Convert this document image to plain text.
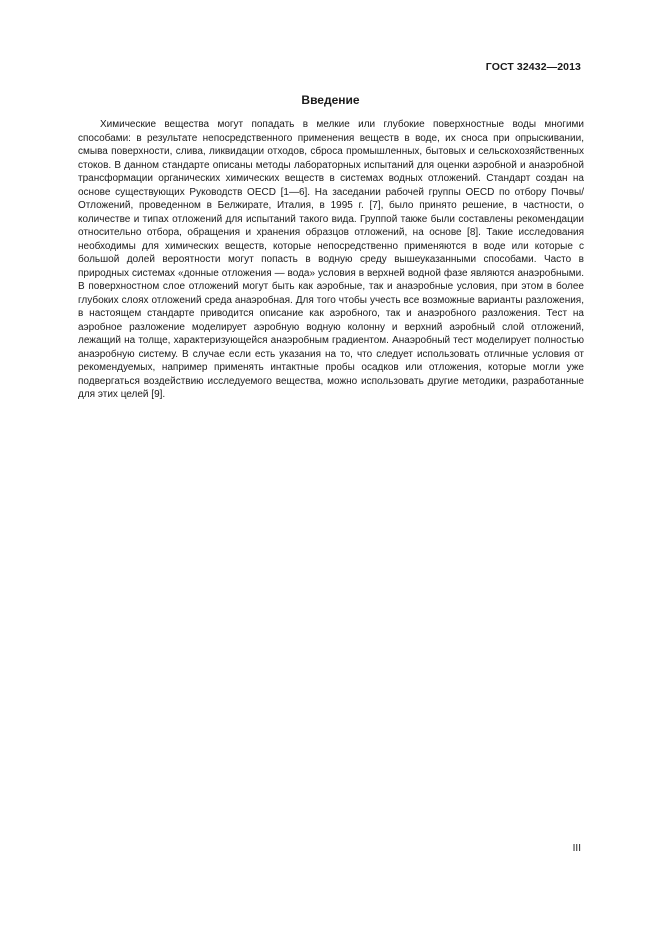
ГОСТ 32432—2013
Введение

Химические вещества могут попадать в мелкие или глубокие поверхностные воды многими способами: в результате непосредственного применения веществ в воде, их сноса при опрыскивании, смыва поверхности, слива, ликвидации отходов, сброса промышленных, бытовых и сельскохозяйственных стоков. В данном стандарте описаны методы лабораторных испытаний для оценки аэробной и анаэробной трансформации органических химических веществ в системах водных отложений. Стандарт создан на основе существующих Руководств OECD [1—6]. На заседании рабочей группы OECD по отбору Почвы/Отложений, проведенном в Белжирате, Италия, в 1995 г. [7], было принято решение, в частности, о количестве и типах отложений для испытаний такого вида. Группой также были составлены рекомендации относительно отбора, обращения и хранения образцов отложений, на основе [8]. Такие исследования необходимы для химических веществ, которые непосредственно применяются в воде или которые с большой долей вероятности могут попасть в водную среду вышеуказанными способами. Часто в природных системах «донные отложения — вода» условия в верхней водной фазе являются анаэробными. В поверхностном слое отложений могут быть как аэробные, так и анаэробные условия, при этом в более глубоких слоях отложений среда анаэробная. Для того чтобы учесть все возможные варианты разложения, в настоящем стандарте приводится описание как аэробного, так и анаэробного разложения. Тест на аэробное разложение моделирует аэробную водную колонну и верхний аэробный слой отложений, лежащий на толще, характеризующейся анаэробным градиентом. Анаэробный тест моделирует полностью анаэробную систему. В случае если есть указания на то, что следует использовать отличные условия от рекомендуемых, например применять интактные пробы осадков или отложения, которые могли уже подвергаться воздействию исследуемого вещества, можно использовать другие методики, разработанные для этих целей [9].

III
